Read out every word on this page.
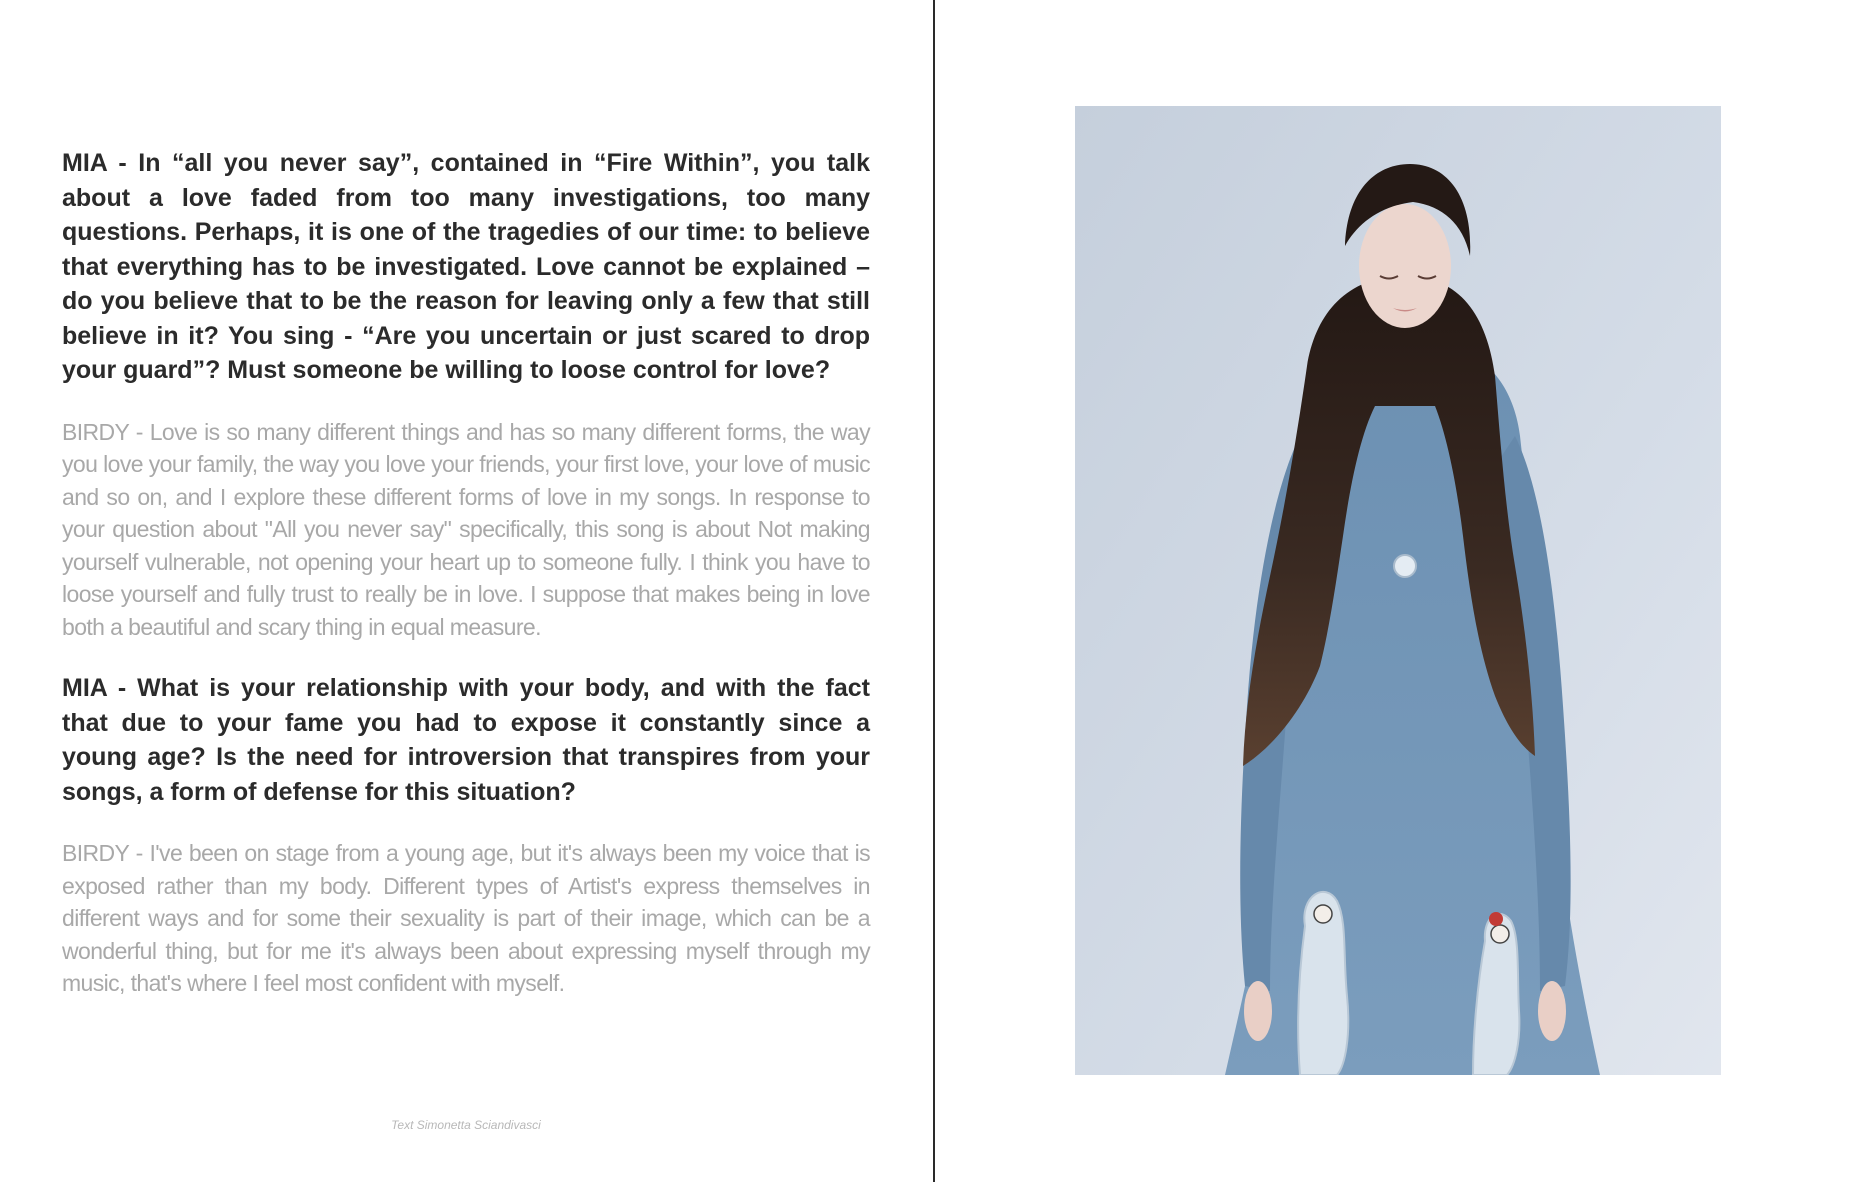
MIA - In “all you never say”, contained in “Fire Within”, you talk about a love faded from too many investigations, too many questions. Perhaps, it is one of the tragedies of our time: to believe that everything has to be investigated. Love cannot be explained – do you believe that to be the reason for leaving only a few that still believe in it? You sing - “Are you uncertain or just scared to drop your guard”? Must someone be willing to loose control for love?

BIRDY - Love is so many different things and has so many different forms, the way you love your family, the way you love your friends, your first love, your love of music and so on, and I explore these different forms of love in my songs. In response to your question about "All you never say" specifically, this song is about Not making yourself vulnerable, not opening your heart up to someone fully. I think you have to loose yourself and fully trust to really be in love. I suppose that makes being in love both a beautiful and scary thing in equal measure.

MIA - What is your relationship with your body, and with the fact that due to your fame you had to expose it constantly since a young age? Is the need for introversion that transpires from your songs, a form of defense for this situation?

BIRDY - I've been on stage from a young age, but it's always been my voice that is exposed rather than my body. Different types of Artist's express themselves in different ways and for some their sexuality is part of their image, which can be a wonderful thing, but for me it's always been about expressing myself through my music, that's where I feel most confident with myself.

Text Simonetta Sciandivasci
